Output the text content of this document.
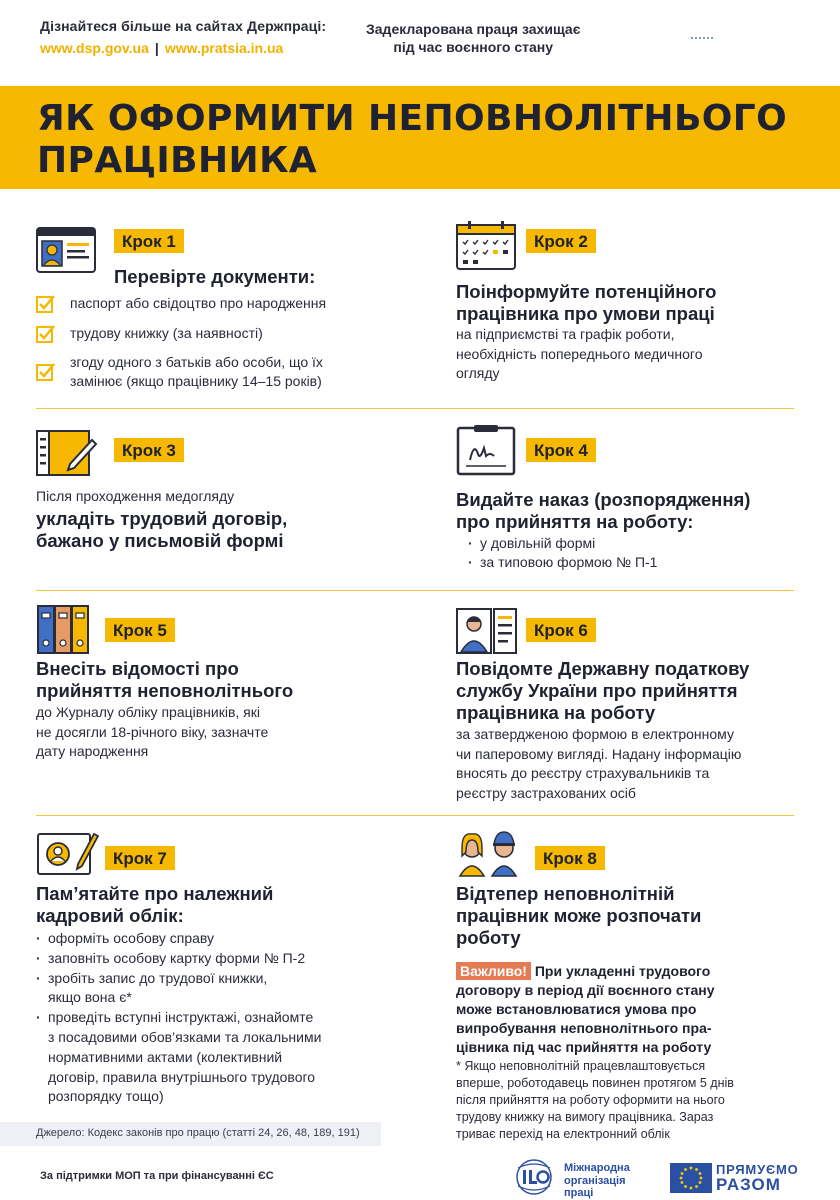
Дізнайтеся більше на сайтах Держпраці:
www.dsp.gov.ua | www.pratsia.in.ua
Задекларована праця захищає
під час воєнного стану
ЯК ОФОРМИТИ НЕПОВНОЛІТНЬОГО
ПРАЦІВНИКА
Крок 1
Перевірте документи:
паспорт або свідоцтво про народження
трудову книжку (за наявності)
згоду одного з батьків або особи, що їх
замінює (якщо працівнику 14–15 років)
Крок 2
Поінформуйте потенційного
працівника про умови праці
на підприємстві та графік роботи,
необхідність попереднього медичного
огляду
Крок 3
Після проходження медогляду
укладіть трудовий договір,
бажано у письмовій формі
Крок 4
Видайте наказ (розпорядження)
про прийняття на роботу:
· у довільній формі
· за типовою формою № П-1
Крок 5
Внесіть відомості про
прийняття неповнолітнього
до Журналу обліку працівників, які
не досягли 18-річного віку, зазначте
дату народження
Крок 6
Повідомте Державну податкову
службу України про прийняття
працівника на роботу
за затвердженою формою в електронному
чи паперовому вигляді. Надану інформацію
вносять до реєстру страхувальників та
реєстру застрахованих осіб
Крок 7
Пам’ятайте про належний
кадровий облік:
· оформіть особову справу
· заповніть особову картку форми № П-2
· зробіть запис до трудової книжки,
якщо вона є*
· проведіть вступні інструктажі, ознайомте
з посадовими обов’язками та локальними
нормативними актами (колективний
договір, правила внутрішнього трудового
розпорядку тощо)
Крок 8
Відтепер неповнолітній
працівник може розпочати
роботу
Важливо! При укладенні трудового
договору в період дії воєнного стану
може встановлюватися умова про
випробування неповнолітнього пра-
цівника під час прийняття на роботу
* Якщо неповнолітній працевлаштовується
вперше, роботодавець повинен протягом 5 днів
після прийняття на роботу оформити на нього
трудову книжку на вимогу працівника. Зараз
триває перехід на електронний облік
Джерело: Кодекс законів про працю (статті 24, 26, 48, 189, 191)
За підтримки МОП та при фінансуванні ЄС
Міжнародна
організація
праці
ПРЯМУЄМО
РАЗОМ
